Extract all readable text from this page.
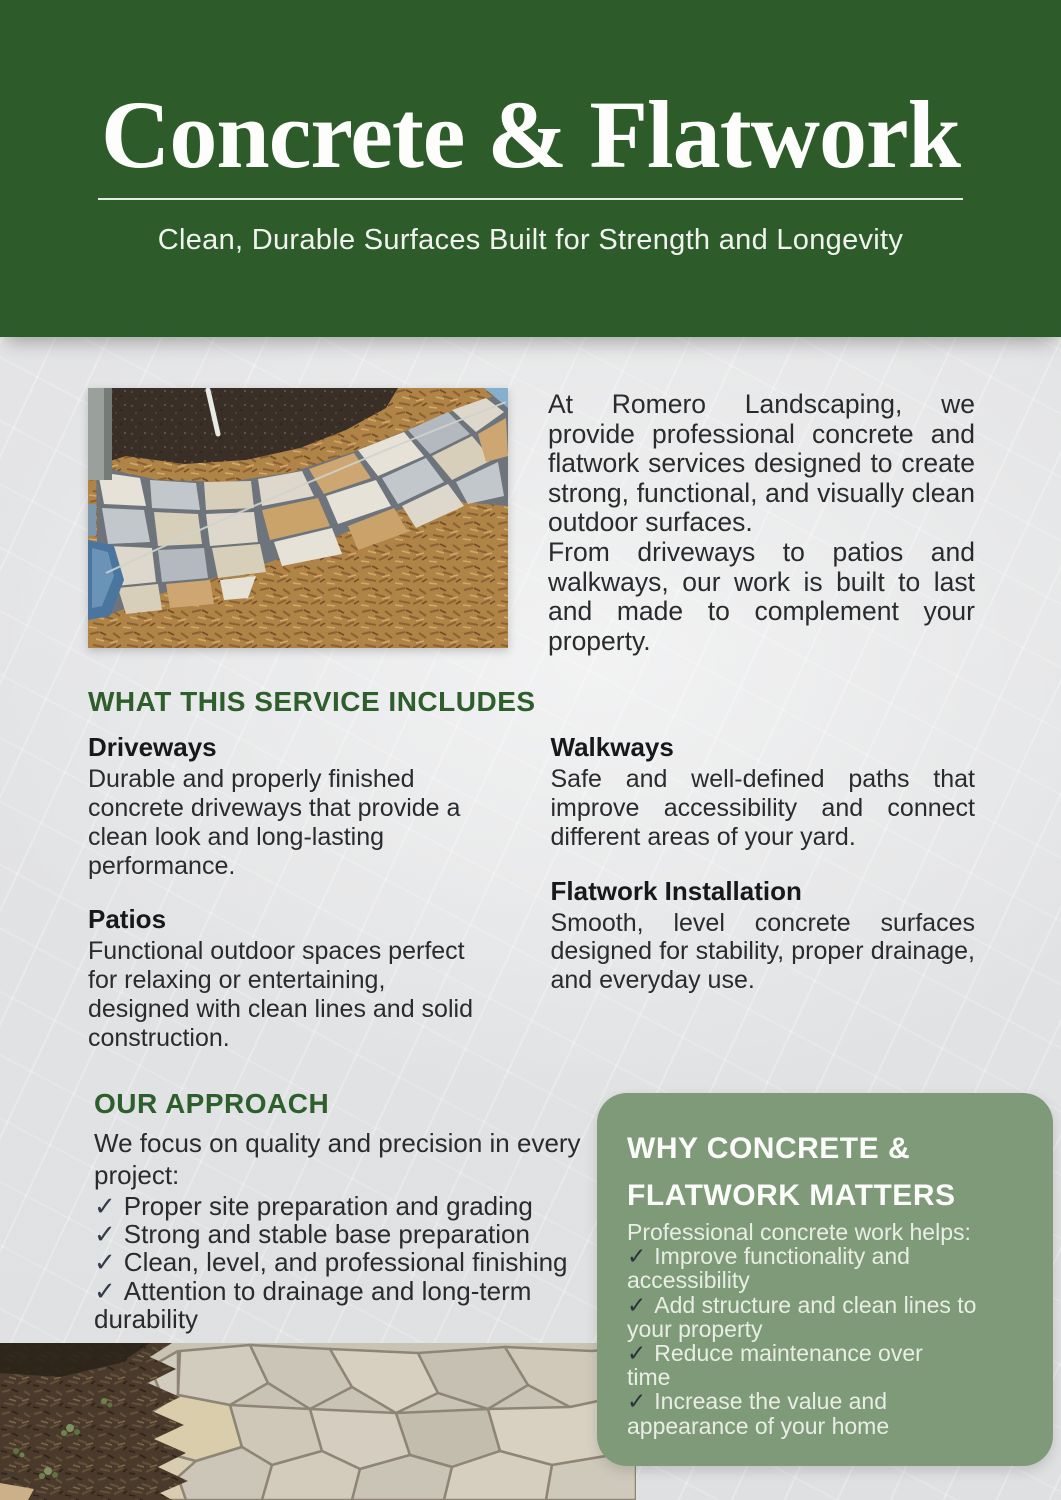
Concrete & Flatwork

Clean, Durable Surfaces Built for Strength and Longevity

At Romero Landscaping, we provide professional concrete and flatwork services designed to create strong, functional, and visually clean outdoor surfaces.

From driveways to patios and walkways, our work is built to last and made to complement your property.

WHAT THIS SERVICE INCLUDES
Driveways

Durable and properly finished concrete driveways that provide a clean look and long-lasting performance.

Patios

Functional outdoor spaces perfect for relaxing or entertaining, designed with clean lines and solid construction.

Walkways

Safe and well-defined paths that improve accessibility and connect different areas of your yard.

Flatwork Installation

Smooth, level concrete surfaces designed for stability, proper drainage, and everyday use.

OUR APPROACH

We focus on quality and precision in every project:

✓ Proper site preparation and grading

✓ Strong and stable base preparation

✓ Clean, level, and professional finishing

✓ Attention to drainage and long-term durability

WHY CONCRETE &
FLATWORK MATTERS

Professional concrete work helps:

✓ Improve functionality and accessibility

✓ Add structure and clean lines to your property

✓ Reduce maintenance over time

✓ Increase the value and appearance of your home
